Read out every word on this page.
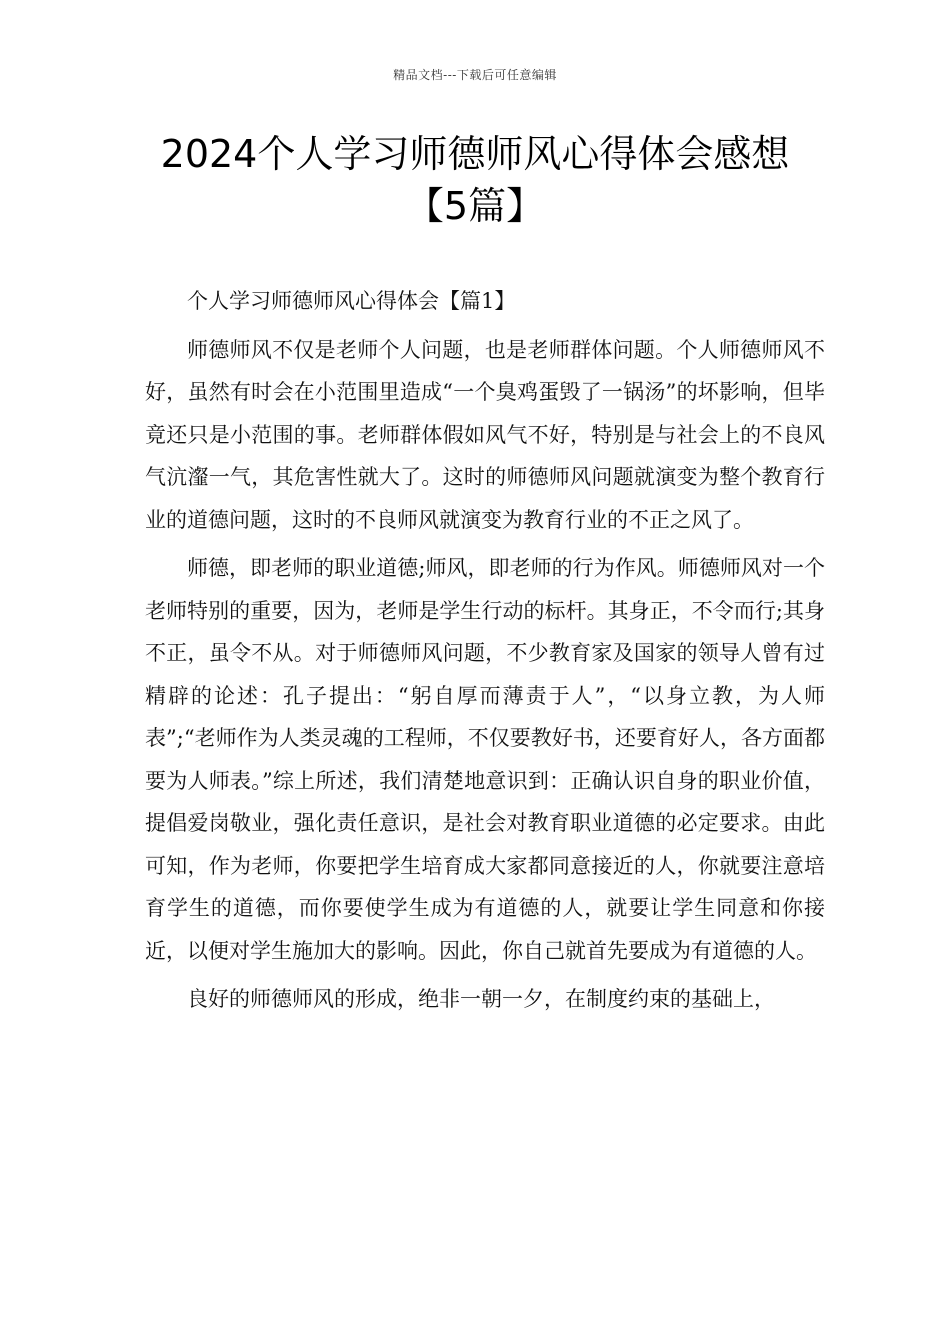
精品文档---下载后可任意编辑
2024个人学习师德师风心得体会感想
【5篇】
个人学习师德师风心得体会【篇1】

师德师风不仅是老师个人问题，也是老师群体问题。个人师德师风不好，虽然有时会在小范围里造成“一个臭鸡蛋毁了一锅汤”的坏影响，但毕竟还只是小范围的事。老师群体假如风气不好，特别是与社会上的不良风气沆瀣一气，其危害性就大了。这时的师德师风问题就演变为整个教育行业的道德问题，这时的不良师风就演变为教育行业的不正之风了。

师德，即老师的职业道德;师风，即老师的行为作风。师德师风对一个老师特别的重要，因为，老师是学生行动的标杆。其身正，不令而行;其身不正，虽令不从。对于师德师风问题，不少教育家及国家的领导人曾有过精辟的论述：孔子提出：“躬自厚而薄责于人”，“以身立教，为人师表”;“老师作为人类灵魂的工程师，不仅要教好书，还要育好人，各方面都要为人师表。”综上所述，我们清楚地意识到：正确认识自身的职业价值，提倡爱岗敬业，强化责任意识，是社会对教育职业道德的必定要求。由此可知，作为老师，你要把学生培育成大家都同意接近的人，你就要注意培育学生的道德，而你要使学生成为有道德的人，就要让学生同意和你接近，以便对学生施加大的影响。因此，你自己就首先要成为有道德的人。

良好的师德师风的形成，绝非一朝一夕，在制度约束的基础上，
